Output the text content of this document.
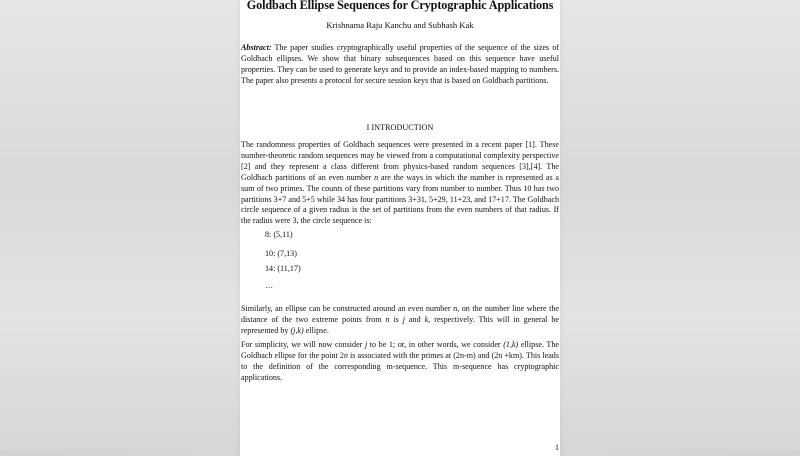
Goldbach Ellipse Sequences for Cryptographic Applications
Krishnama Raju Kanchu and Subhash Kak

Abstract: The paper studies cryptographically useful properties of the sequence of the sizes of Goldbach ellipses. We show that binary subsequences based on this sequence have useful properties. They can be used to generate keys and to provide an index-based mapping to numbers. The paper also presents a protocol for secure session keys that is based on Goldbach partitions.

I INTRODUCTION

The randomness properties of Goldbach sequences were presented in a recent paper [1]. These number-theoretic random sequences may be viewed from a computational complexity perspective [2] and they represent a class different from physics-based random sequences [3],[4]. The Goldbach partitions of an even number n are the ways in which the number is represented as a sum of two primes. The counts of these partitions vary from number to number. Thus 10 has two partitions 3+7 and 5+5 while 34 has four partitions 3+31, 5+29, 11+23, and 17+17. The Goldbach circle sequence of a given radius is the set of partitions from the even numbers of that radius. If the radius were 3, the circle sequence is:

8: (5,11)
10: (7,13)
14: (11,17)
…

Similarly, an ellipse can be constructed around an even number n, on the number line where the distance of the two extreme points from n is j and k, respectively. This will in general be represented by (j,k) ellipse.

For simplicity, we will now consider j to be 1; or, in other words, we consider (1,k) ellipse. The Goldbach ellipse for the point 2n is associated with the primes at (2n-m) and (2n +km). This leads to the definition of the corresponding m-sequence. This m-sequence has cryptographic applications.

1
